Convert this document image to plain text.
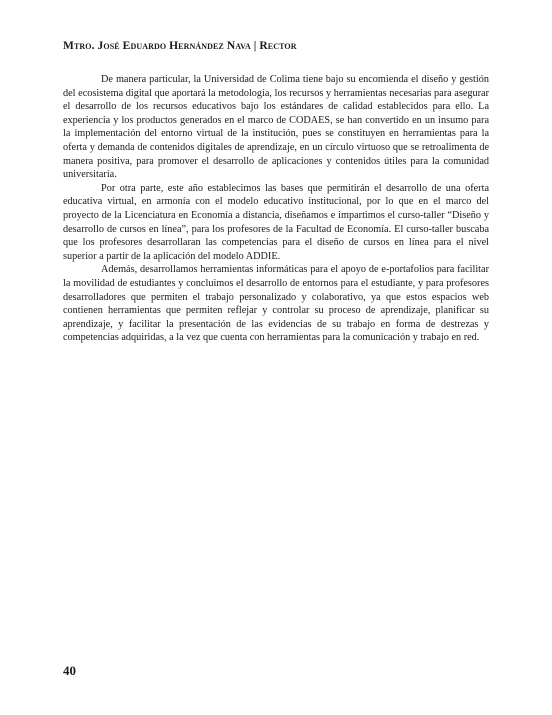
Mtro. José Eduardo Hernández Nava | Rector

De manera particular, la Universidad de Colima tiene bajo su encomienda el diseño y gestión del ecosistema digital que aportará la metodología, los recursos y herramientas necesarias para asegurar el desarrollo de los recursos educativos bajo los estándares de calidad establecidos para ello. La experiencia y los productos generados en el marco de CODAES, se han convertido en un insumo para la implementación del entorno virtual de la institución, pues se constituyen en herramientas para la oferta y demanda de contenidos digitales de aprendizaje, en un círculo virtuoso que se retroalimenta de manera positiva, para promover el desarrollo de aplicaciones y contenidos útiles para la comunidad universitaria.

Por otra parte, este año establecimos las bases que permitirán el desarrollo de una oferta educativa virtual, en armonía con el modelo educativo institucional, por lo que en el marco del proyecto de la Licenciatura en Economía a distancia, diseñamos e impartimos el curso-taller “Diseño y desarrollo de cursos en línea”, para los profesores de la Facultad de Economía. El curso-taller buscaba que los profesores desarrollaran las competencias para el diseño de cursos en línea para el nivel superior a partir de la aplicación del modelo ADDIE.

Además, desarrollamos herramientas informáticas para el apoyo de e-portafolios para facilitar la movilidad de estudiantes y concluimos el desarrollo de entornos para el estudiante, y para profesores desarrolladores que permiten el trabajo personalizado y colaborativo, ya que estos espacios web contienen herramientas que permiten reflejar y controlar su proceso de aprendizaje, planificar su aprendizaje, y facilitar la presentación de las evidencias de su trabajo en forma de destrezas y competencias adquiridas, a la vez que cuenta con herramientas para la comunicación y trabajo en red.

40
